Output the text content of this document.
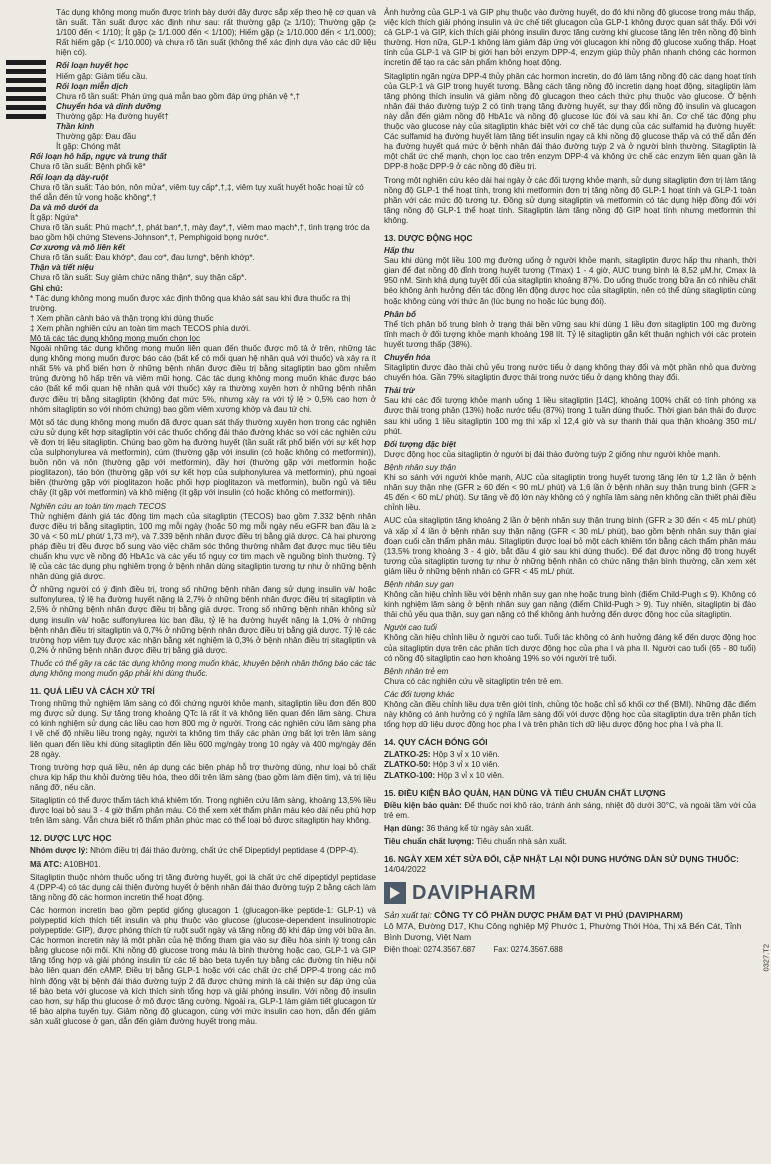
Tác dụng không mong muốn được trình bày dưới đây được sắp xếp theo hệ cơ quan và tần suất. Tần suất được xác định như sau: rất thường gặp (≥ 1/10); Thường gặp (≥ 1/100 đến < 1/10); Ít gặp (≥ 1/1.000 đến < 1/100); Hiếm gặp (≥ 1/10.000 đến < 1/1.000); Rất hiếm gặp (< 1/10.000) và chưa rõ tần suất (không thể xác định dựa vào các dữ liệu hiện có).

Rối loạn huyết học
Hiếm gặp: Giảm tiểu cầu.
Rối loạn miễn dịch
Chưa rõ tần suất: Phản ứng quá mẫn bao gồm đáp ứng phản vệ *,†
Chuyển hóa và dinh dưỡng
Thường gặp: Hạ đường huyết†
Thần kinh
Thường gặp: Đau đầu
Ít gặp: Chóng mặt
Rối loạn hô hấp, ngực và trung thất
Chưa rõ tần suất: Bệnh phổi kẽ*
Rối loạn dạ dày-ruột
Chưa rõ tần suất: Táo bón, nôn mửa*, viêm tụy cấp*,†,‡, viêm tụy xuất huyết hoặc hoại tử có thể dẫn đến tử vong hoặc không*,†
Da và mô dưới da
Ít gặp: Ngứa*
Chưa rõ tần suất: Phù mạch*,†, phát ban*,†, mày đay*,†, viêm mao mạch*,†, tình trạng tróc da bao gồm hội chứng Stevens-Johnson*,†, Pemphigoid bọng nước*.
Cơ xương và mô liên kết
Chưa rõ tần suất: Đau khớp*, đau cơ*, đau lưng*, bệnh khớp*.
Thận và tiết niệu
Chưa rõ tần suất: Suy giảm chức năng thận*, suy thận cấp*.
Ghi chú:
* Tác dụng không mong muốn được xác định thông qua khảo sát sau khi đưa thuốc ra thị trường.
† Xem phần cảnh báo và thận trọng khi dùng thuốc
‡ Xem phần nghiên cứu an toàn tim mạch TECOS phía dưới.
Mô tả các tác dụng không mong muốn chọn lọc

Ngoài những tác dụng không mong muốn liên quan đến thuốc được mô tả ở trên, những tác dụng không mong muốn được báo cáo (bất kể có mối quan hệ nhân quả với thuốc) và xảy ra ít nhất 5% và phổ biến hơn ở những bệnh nhân được điều trị bằng sitagliptin bao gồm nhiễm trùng đường hô hấp trên và viêm mũi họng. Các tác dụng không mong muốn khác được báo cáo (bất kể mối quan hệ nhân quả với thuốc) xảy ra thường xuyên hơn ở những bệnh nhân được điều trị bằng sitagliptin (không đạt mức 5%, nhưng xảy ra với tỷ lệ > 0,5% cao hơn ở nhóm sitagliptin so với nhóm chứng) bao gồm viêm xương khớp và đau tứ chi.

Một số tác dụng không mong muốn đã được quan sát thấy thường xuyên hơn trong các nghiên cứu sử dụng kết hợp sitagliptin với các thuốc chống đái tháo đường khác so với các nghiên cứu về đơn trị liệu sitagliptin. Chúng bao gồm hạ đường huyết (tần suất rất phổ biến với sự kết hợp của sulphonylurea và metformin), cúm (thường gặp với insulin (có hoặc không có metformin)), buồn nôn và nôn (thường gặp với metformin), đầy hơi (thường gặp với metformin hoặc pioglitazon), táo bón (thường gặp với sự kết hợp của sulphonylurea và metformin), phù ngoại biên (thường gặp với pioglitazon hoặc phối hợp pioglitazon và metformin), buồn ngủ và tiêu chảy (ít gặp với metformin) và khô miệng (ít gặp với insulin (có hoặc không có metformin)).

Nghiên cứu an toàn tim mạch TECOS

Thử nghiệm đánh giá tác động tim mạch của sitagliptin (TECOS) bao gồm 7.332 bệnh nhân được điều trị bằng sitagliptin, 100 mg mỗi ngày (hoặc 50 mg mỗi ngày nếu eGFR ban đầu là ≥ 30 và < 50 mL/ phút/ 1,73 m²), và 7.339 bệnh nhân được điều trị bằng giả dược. Cả hai phương pháp điều trị đều được bổ sung vào việc chăm sóc thông thường nhằm đạt được mục tiêu tiêu chuẩn khu vực về nồng độ HbA1c và các yếu tố nguy cơ tim mạch về nguồng bình thường. Tỷ lệ của các tác dụng phụ nghiêm trọng ở bệnh nhân dùng sitagliptin tương tự như ở những bệnh nhân dùng giả dược.

Ở những người có ý định điều trị, trong số những bệnh nhân đang sử dụng insulin và/ hoặc sulfonylurea, tỷ lệ hạ đường huyết nặng là 2,7% ở những bệnh nhân được điều trị sitagliptin và 2,5% ở những bệnh nhân được điều trị bằng giả dược. Trong số những bệnh nhân không sử dụng insulin và/ hoặc sulfonylurea lúc ban đầu, tỷ lệ hạ đường huyết nặng là 1,0% ở những bệnh nhân điều trị sitagliptin và 0,7% ở những bệnh nhân được điều trị bằng giả dược. Tỷ lệ các trường hợp viêm tụy được xác nhận bằng xét nghiệm là 0,3% ở bệnh nhân điều trị sitagliptin và 0,2% ở những bệnh nhân được điều trị bằng giả dược.

Thuốc có thể gây ra các tác dụng không mong muốn khác, khuyên bệnh nhân thông báo các tác dụng không mong muốn gặp phải khi dùng thuốc.

11. QUÁ LIỀU VÀ CÁCH XỬ TRÍ

Trong những thử nghiệm lâm sàng có đối chứng người khỏe mạnh, sitagliptin liều đơn đến 800 mg được sử dụng. Sự tăng trong khoảng QTc là rất ít và không liên quan đến lâm sàng. Chưa có kinh nghiệm sử dụng các liều cao hơn 800 mg ở người. Trong các nghiên cứu lâm sàng pha I về chế độ nhiều liều trong ngày, người ta không tìm thấy các phản ứng bất lợi trên lâm sàng liên quan đến liều khi dùng sitagliptin đến liều 600 mg/ngày trong 10 ngày và 400 mg/ngày đến 28 ngày.

Trong trường hợp quá liều, nên áp dụng các biện pháp hỗ trợ thường dùng, như loại bỏ chất chưa kịp hấp thu khỏi đường tiêu hóa, theo dõi trên lâm sàng (bao gồm làm điện tim), và trị liệu nâng đỡ, nếu cần.

Sitagliptin có thể được thẩm tách khá khiêm tốn. Trong nghiên cứu lâm sàng, khoảng 13,5% liều được loại bỏ sau 3 - 4 giờ thẩm phân máu. Có thể xem xét thẩm phân máu kéo dài nếu phù hợp trên lâm sàng. Vẫn chưa biết rõ thẩm phân phúc mạc có thể loại bỏ được sitagliptin hay không.

12. DƯỢC LỰC HỌC

Nhóm dược lý: Nhóm điều trị đái tháo đường, chất ức chế Dipeptidyl peptidase 4 (DPP-4).

Mã ATC: A10BH01.

Sitagliptin thuộc nhóm thuốc uống trị tăng đường huyết, gọi là chất ức chế dipeptidyl peptidase 4 (DPP-4) có tác dụng cải thiện đường huyết ở bệnh nhân đái tháo đường tuýp 2 bằng cách làm tăng nồng độ các hormon incretin thể hoạt động.

Các hormon incretin bao gồm peptid giống glucagon 1 (glucagon-like peptide-1: GLP-1) và polypeptid kích thích tiết insulin và phụ thuộc vào glucose (glucose-dependent insulinotropic polypeptide: GIP), được phóng thích từ ruột suốt ngày và tăng nồng độ khi đáp ứng với bữa ăn. Các hormon incretin này là một phần của hệ thống tham gia vào sự điều hòa sinh lý trong cân bằng glucose nội môi. Khi nồng độ glucose trong máu là bình thường hoặc cao, GLP-1 và GIP tăng tổng hợp và giải phóng insulin từ các tế bào beta tuyến tụy bằng các đường tín hiệu nội bào liên quan đến cAMP. Điều trị bằng GLP-1 hoặc với các chất ức chế DPP-4 trong các mô hình động vật bị bệnh đái tháo đường tuýp 2 đã được chứng minh là cải thiện sự đáp ứng của tế bào beta với glucose và kích thích sinh tổng hợp và giải phóng insulin. Với nồng độ insulin cao hơn, sự hấp thu glucose ở mô được tăng cường. Ngoài ra, GLP-1 làm giảm tiết glucagon từ tế bào alpha tuyến tụy. Giảm nồng độ glucagon, cùng với mức insulin cao hơn, dẫn đến giảm sản xuất glucose ở gan, dẫn đến giảm đường huyết trong máu.

Ảnh hưởng của GLP-1 và GIP phụ thuộc vào đường huyết, do đó khi nồng độ glucose trong máu thấp, việc kích thích giải phóng insulin và ức chế tiết glucagon của GLP-1 không được quan sát thấy. Đối với cả GLP-1 và GIP, kích thích giải phóng insulin được tăng cường khi glucose tăng lên trên nồng độ bình thường. Hơn nữa, GLP-1 không làm giảm đáp ứng với glucagon khi nồng độ glucose xuống thấp. Hoạt tính của GLP-1 và GIP bị giới hạn bởi enzym DPP-4, enzym giúp thủy phân nhanh chóng các hormon incretin để tạo ra các sản phẩm không hoạt động.

Sitagliptin ngăn ngừa DPP-4 thủy phân các hormon incretin, do đó làm tăng nồng độ các dạng hoạt tính của GLP-1 và GIP trong huyết tương. Bằng cách tăng nồng độ incretin dạng hoạt động, sitagliptin làm tăng phóng thích insulin và giảm nồng độ glucagon theo cách thức phụ thuộc vào glucose. Ở bệnh nhân đái tháo đường tuýp 2 có tình trạng tăng đường huyết, sự thay đổi nồng độ insulin và glucagon này dẫn đến giảm nồng độ HbA1c và nồng độ glucose lúc đói và sau khi ăn. Cơ chế tác động phụ thuộc vào glucose này của sitagliptin khác biệt với cơ chế tác dụng của các sulfamid hạ đường huyết: Các sulfamid hạ đường huyết làm tăng tiết insulin ngay cả khi nồng độ glucose thấp và có thể dẫn đến hạ đường huyết quá mức ở bệnh nhân đái tháo đường tuýp 2 và ở người bình thường. Sitagliptin là một chất ức chế mạnh, chọn lọc cao trên enzym DPP-4 và không ức chế các enzym liên quan gần là DPP-8 hoặc DPP-9 ở các nồng độ điều trị.

Trong một nghiên cứu kéo dài hai ngày ở các đối tượng khỏe mạnh, sử dụng sitagliptin đơn trị làm tăng nồng độ GLP-1 thể hoạt tính, trong khi metformin đơn trị tăng nồng độ GLP-1 hoạt tính và GLP-1 toàn phần với các mức độ tương tự. Đồng sử dụng sitagliptin và metformin có tác dụng hiệp đồng đối với tăng nồng độ GLP-1 thể hoạt tính. Sitagliptin làm tăng nồng độ GIP hoạt tính nhưng metformin thì không.

13. DƯỢC ĐỘNG HỌC
Hấp thu

Sau khi dùng một liều 100 mg đường uống ở người khỏe mạnh, sitagliptin được hấp thu nhanh, thời gian để đạt nồng độ đỉnh trong huyết tương (Tmax) 1 - 4 giờ, AUC trung bình là 8,52 µM.hr, Cmax là 950 nM. Sinh khả dụng tuyệt đối của sitagliptin khoảng 87%. Do uống thuốc trong bữa ăn có nhiều chất béo không ảnh hưởng đến tác động lên động dược học của sitagliptin, nên có thể dùng sitagliptin cùng hoặc không cùng với thức ăn (lúc bụng no hoặc lúc bụng đói).

Phân bố

Thể tích phân bố trung bình ở trạng thái bền vững sau khi dùng 1 liều đơn sitagliptin 100 mg đường tĩnh mạch ở đối tượng khỏe mạnh khoảng 198 lít. Tỷ lệ sitagliptin gắn kết thuận nghịch với các protein huyết tương thấp (38%).

Chuyển hóa

Sitagliptin được đào thải chủ yếu trong nước tiểu ở dạng không thay đổi và một phần nhỏ qua đường chuyển hóa. Gần 79% sitagliptin được thải trong nước tiểu ở dạng không thay đổi.

Thải trừ

Sau khi các đối tượng khỏe mạnh uống 1 liều sitagliptin [14C], khoảng 100% chất có tính phóng xạ được thải trong phân (13%) hoặc nước tiểu (87%) trong 1 tuần dùng thuốc. Thời gian bán thải đo được sau khi uống 1 liều sitagliptin 100 mg thì xấp xỉ 12,4 giờ và sự thanh thải qua thận khoảng 350 mL/ phút.

Đối tượng đặc biệt

Dược động học của sitagliptin ở người bị đái tháo đường tuýp 2 giống như người khỏe mạnh.

Bệnh nhân suy thận

Khi so sánh với người khỏe mạnh, AUC của sitagliptin trong huyết tương tăng lên từ 1,2 lần ở bệnh nhân suy thận nhẹ (GFR ≥ 60 đến < 90 mL/ phút) và 1,6 lần ở bệnh nhân suy thận trung bình (GFR ≥ 45 đến < 60 mL/ phút). Sự tăng về độ lớn này không có ý nghĩa lâm sàng nên không cần thiết phải điều chỉnh liều.

AUC của sitagliptin tăng khoảng 2 lần ở bệnh nhân suy thận trung bình (GFR ≥ 30 đến < 45 mL/ phút) và xấp xỉ 4 lần ở bệnh nhân suy thận nặng (GFR < 30 mL/ phút), bao gồm bệnh nhân suy thận giai đoạn cuối cần thẩm phân máu. Sitagliptin được loại bỏ một cách khiêm tốn bằng cách thẩm phân máu (13,5% trong khoảng 3 - 4 giờ, bắt đầu 4 giờ sau khi dùng thuốc). Để đạt được nồng độ trong huyết tương của sitagliptin tương tự như ở những bệnh nhân có chức năng thận bình thường, cần xem xét giảm liều ở những bệnh nhân có GFR < 45 mL/ phút.

Bệnh nhân suy gan

Không cần hiệu chỉnh liều với bệnh nhân suy gan nhẹ hoặc trung bình (điểm Child-Pugh ≤ 9). Không có kinh nghiệm lâm sàng ở bệnh nhân suy gan nặng (điểm Child-Pugh > 9). Tuy nhiên, sitagliptin bị đào thải chủ yếu qua thận, suy gan nặng có thể không ảnh hưởng đến dược động học của sitagliptin.

Người cao tuổi

Không cần hiệu chỉnh liều ở người cao tuổi. Tuổi tác không có ảnh hưởng đáng kể đến dược động học của sitagliptin dựa trên các phân tích dược động học của pha I và pha II. Người cao tuổi (65 - 80 tuổi) có nồng độ sitagliptin cao hơn khoảng 19% so với người trẻ tuổi.

Bệnh nhân trẻ em

Chưa có các nghiên cứu về sitagliptin trên trẻ em.

Các đối tượng khác

Không cần điều chỉnh liều dựa trên giới tính, chủng tộc hoặc chỉ số khối cơ thể (BMI). Những đặc điểm này không có ảnh hưởng có ý nghĩa lâm sàng đối với dược động học của sitagliptin dựa trên phân tích tổng hợp dữ liệu dược động học pha I và trên phân tích dữ liệu dược động học pha I và pha II.

14. QUY CÁCH ĐÓNG GÓI
ZLATKO-25: Hộp 3 vỉ x 10 viên.
ZLATKO-50: Hộp 3 vỉ x 10 viên.
ZLATKO-100: Hộp 3 vỉ x 10 viên.
15. ĐIỀU KIỆN BẢO QUẢN, HẠN DÙNG VÀ TIÊU CHUẨN CHẤT LƯỢNG

Điều kiện bảo quản: Để thuốc nơi khô ráo, tránh ánh sáng, nhiệt độ dưới 30°C, và ngoài tầm với của trẻ em.

Hạn dùng: 36 tháng kể từ ngày sản xuất.

Tiêu chuẩn chất lượng: Tiêu chuẩn nhà sản xuất.

16. NGÀY XEM XÉT SỬA ĐỔI, CẬP NHẬT LẠI NỘI DUNG HƯỚNG DẪN SỬ DỤNG THUỐC: 14/04/2022
DAVIPHARM
Sản xuất tại: CÔNG TY CỔ PHẦN DƯỢC PHẨM ĐẠT VI PHÚ (DAVIPHARM)
Lô M7A, Đường D17, Khu Công nghiệp Mỹ Phước 1, Phường Thới Hòa, Thị xã Bến Cát, Tỉnh Bình Dương, Việt Nam
Điện thoại: 0274.3567.687 Fax: 0274.3567.688	0327.T2
